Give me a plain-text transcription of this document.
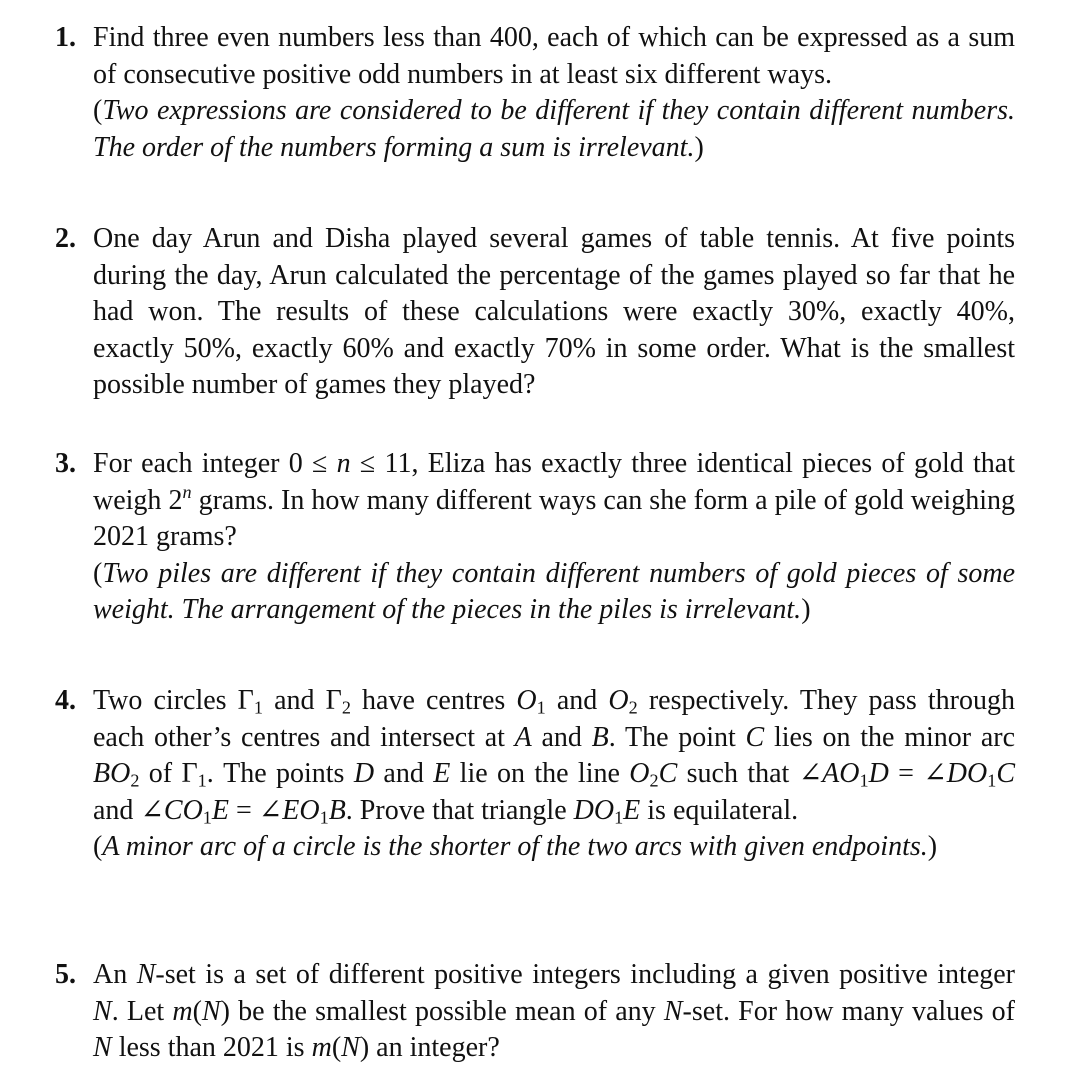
1. Find three even numbers less than 400, each of which can be expressed as a sum of consecutive positive odd numbers in at least six different ways.

(Two expressions are considered to be different if they contain different numbers. The order of the numbers forming a sum is irrelevant.)

2. One day Arun and Disha played several games of table tennis. At five points during the day, Arun calculated the percentage of the games played so far that he had won. The results of these calculations were exactly 30%, exactly 40%, exactly 50%, exactly 60% and exactly 70% in some order. What is the smallest possible number of games they played?

3. For each integer 0 ≤ n ≤ 11, Eliza has exactly three identical pieces of gold that weigh 2$^n$ grams. In how many different ways can she form a pile of gold weighing 2021 grams?

(Two piles are different if they contain different numbers of gold pieces of some weight. The arrangement of the pieces in the piles is irrelevant.)

4. Two circles $\Gamma_1$ and $\Gamma_2$ have centres $O_1$ and $O_2$ respectively. They pass through each other’s centres and intersect at A and B. The point C lies on the minor arc $BO_2$ of $\Gamma_1$. The points D and E lie on the line $O_2C$ such that $\angle AO_1D$ = $\angle DO_1C$ and $\angle CO_1E$ = $\angle EO_1B$. Prove that triangle $DO_1E$ is equilateral.

(A minor arc of a circle is the shorter of the two arcs with given endpoints.)

5. An N-set is a set of different positive integers including a given positive integer N. Let m(N) be the smallest possible mean of any N-set. For how many values of N less than 2021 is m(N) an integer?
